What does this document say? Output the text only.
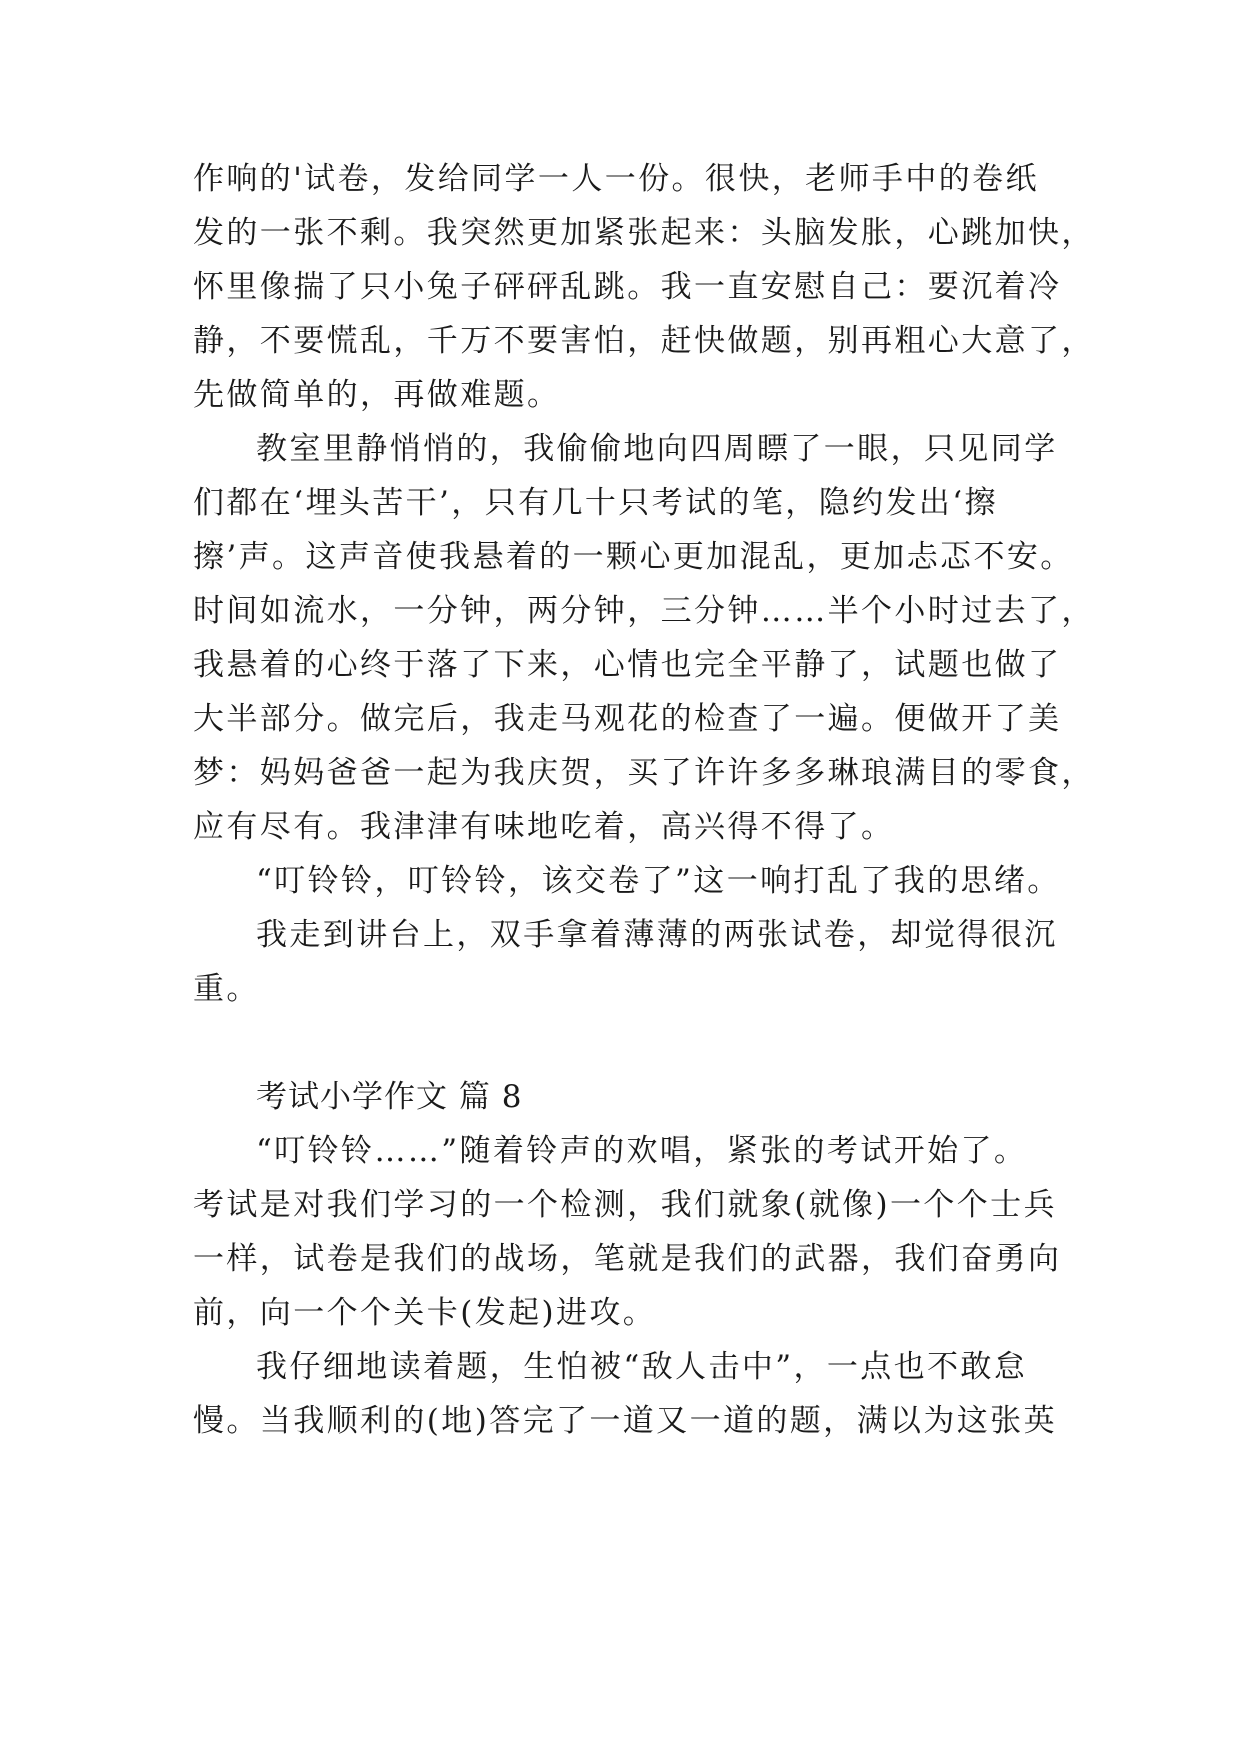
作响的'试卷，发给同学一人一份。很快，老师手中的卷纸
发的一张不剩。我突然更加紧张起来：头脑发胀，心跳加快，
怀里像揣了只小兔子砰砰乱跳。我一直安慰自己：要沉着冷
静，不要慌乱，千万不要害怕，赶快做题，别再粗心大意了，
先做简单的，再做难题。
教室里静悄悄的，我偷偷地向四周瞟了一眼，只见同学
们都在‘埋头苦干’，只有几十只考试的笔，隐约发出‘擦
擦’声。这声音使我悬着的一颗心更加混乱，更加忐忑不安。
时间如流水，一分钟，两分钟，三分钟……半个小时过去了，
我悬着的心终于落了下来，心情也完全平静了，试题也做了
大半部分。做完后，我走马观花的检查了一遍。便做开了美
梦：妈妈爸爸一起为我庆贺，买了许许多多琳琅满目的零食，
应有尽有。我津津有味地吃着，高兴得不得了。
“叮铃铃，叮铃铃，该交卷了”这一响打乱了我的思绪。
我走到讲台上，双手拿着薄薄的两张试卷，却觉得很沉
重。
考试小学作文 篇 8
“叮铃铃……”随着铃声的欢唱，紧张的考试开始了。
考试是对我们学习的一个检测，我们就象(就像)一个个士兵
一样，试卷是我们的战场，笔就是我们的武器，我们奋勇向
前，向一个个关卡(发起)进攻。
我仔细地读着题，生怕被“敌人击中”，一点也不敢怠
慢。当我顺利的(地)答完了一道又一道的题，满以为这张英
